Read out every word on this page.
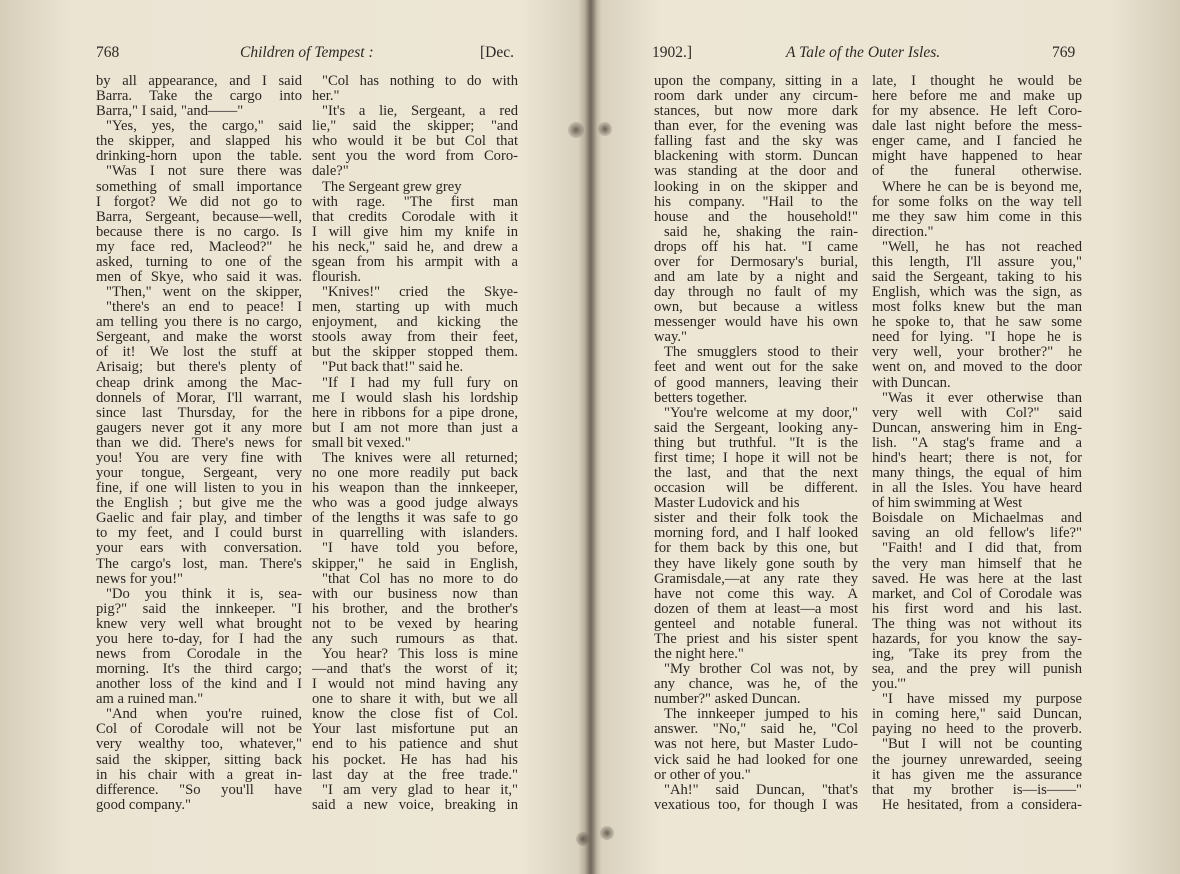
768	Children of Tempest :	[Dec.
by all appearance, and I said
Barra. Take the cargo into
Barra," I said, "and——"
"Yes, yes, the cargo," said
the skipper, and slapped his
drinking-horn upon the table.
"Was I not sure there was
something of small importance
I forgot? We did not go to
Barra, Sergeant, because—well,
because there is no cargo. Is
my face red, Macleod?" he
asked, turning to one of the
men of Skye, who said it was.
"Then," went on the skipper,
"there's an end to peace! I
am telling you there is no cargo,
Sergeant, and make the worst
of it! We lost the stuff at
Arisaig; but there's plenty of
cheap drink among the Mac-
donnels of Morar, I'll warrant,
since last Thursday, for the
gaugers never got it any more
than we did. There's news for
you! You are very fine with
your tongue, Sergeant, very
fine, if one will listen to you in
the English ; but give me the
Gaelic and fair play, and timber
to my feet, and I could burst
your ears with conversation.
The cargo's lost, man. There's
news for you!"
"Do you think it is, sea-
pig?" said the innkeeper. "I
knew very well what brought
you here to-day, for I had the
news from Corodale in the
morning. It's the third cargo;
another loss of the kind and I
am a ruined man."
"And when you're ruined,
Col of Corodale will not be
very wealthy too, whatever,"
said the skipper, sitting back
in his chair with a great in-
difference. "So you'll have
good company."
"Col has nothing to do with
her."
"It's a lie, Sergeant, a red
lie," said the skipper; "and
who would it be but Col that
sent you the word from Coro-
dale?"
The Sergeant grew grey
with rage. "The first man
that credits Corodale with it
I will give him my knife in
his neck," said he, and drew a
sgean from his armpit with a
flourish.
"Knives!" cried the Skye-
men, starting up with much
enjoyment, and kicking the
stools away from their feet,
but the skipper stopped them.
"Put back that!" said he.
"If I had my full fury on
me I would slash his lordship
here in ribbons for a pipe drone,
but I am not more than just a
small bit vexed."
The knives were all returned;
no one more readily put back
his weapon than the innkeeper,
who was a good judge always
of the lengths it was safe to go
in quarrelling with islanders.
"I have told you before,
skipper," he said in English,
"that Col has no more to do
with our business now than
his brother, and the brother's
not to be vexed by hearing
any such rumours as that.
You hear? This loss is mine
—and that's the worst of it;
I would not mind having any
one to share it with, but we all
know the close fist of Col.
Your last misfortune put an
end to his patience and shut
his pocket. He has had his
last day at the free trade."
"I am very glad to hear it,"
said a new voice, breaking in
1902.]	A Tale of the Outer Isles.	769
upon the company, sitting in a
room dark under any circum-
stances, but now more dark
than ever, for the evening was
falling fast and the sky was
blackening with storm. Duncan
was standing at the door and
looking in on the skipper and
his company. "Hail to the
house and the household!"
said he, shaking the rain-
drops off his hat. "I came
over for Dermosary's burial,
and am late by a night and
day through no fault of my
own, but because a witless
messenger would have his own
way."
The smugglers stood to their
feet and went out for the sake
of good manners, leaving their
betters together.
"You're welcome at my door,"
said the Sergeant, looking any-
thing but truthful. "It is the
first time; I hope it will not be
the last, and that the next
occasion will be different.
Master Ludovick and his
sister and their folk took the
morning ford, and I half looked
for them back by this one, but
they have likely gone south by
Gramisdale,—at any rate they
have not come this way. A
dozen of them at least—a most
genteel and notable funeral.
The priest and his sister spent
the night here."
"My brother Col was not, by
any chance, was he, of the
number?" asked Duncan.
The innkeeper jumped to his
answer. "No," said he, "Col
was not here, but Master Ludo-
vick said he had looked for one
or other of you."
"Ah!" said Duncan, "that's
vexatious too, for though I was
late, I thought he would be
here before me and make up
for my absence. He left Coro-
dale last night before the mess-
enger came, and I fancied he
might have happened to hear
of the funeral otherwise.
Where he can be is beyond me,
for some folks on the way tell
me they saw him come in this
direction."
"Well, he has not reached
this length, I'll assure you,"
said the Sergeant, taking to his
English, which was the sign, as
most folks knew but the man
he spoke to, that he saw some
need for lying. "I hope he is
very well, your brother?" he
went on, and moved to the door
with Duncan.
"Was it ever otherwise than
very well with Col?" said
Duncan, answering him in Eng-
lish. "A stag's frame and a
hind's heart; there is not, for
many things, the equal of him
in all the Isles. You have heard
of him swimming at West
Boisdale on Michaelmas and
saving an old fellow's life?"
"Faith! and I did that, from
the very man himself that he
saved. He was here at the last
market, and Col of Corodale was
his first word and his last.
The thing was not without its
hazards, for you know the say-
ing, 'Take its prey from the
sea, and the prey will punish
you.'"
"I have missed my purpose
in coming here," said Duncan,
paying no heed to the proverb.
"But I will not be counting
the journey unrewarded, seeing
it has given me the assurance
that my brother is—is——"
He hesitated, from a considera-
